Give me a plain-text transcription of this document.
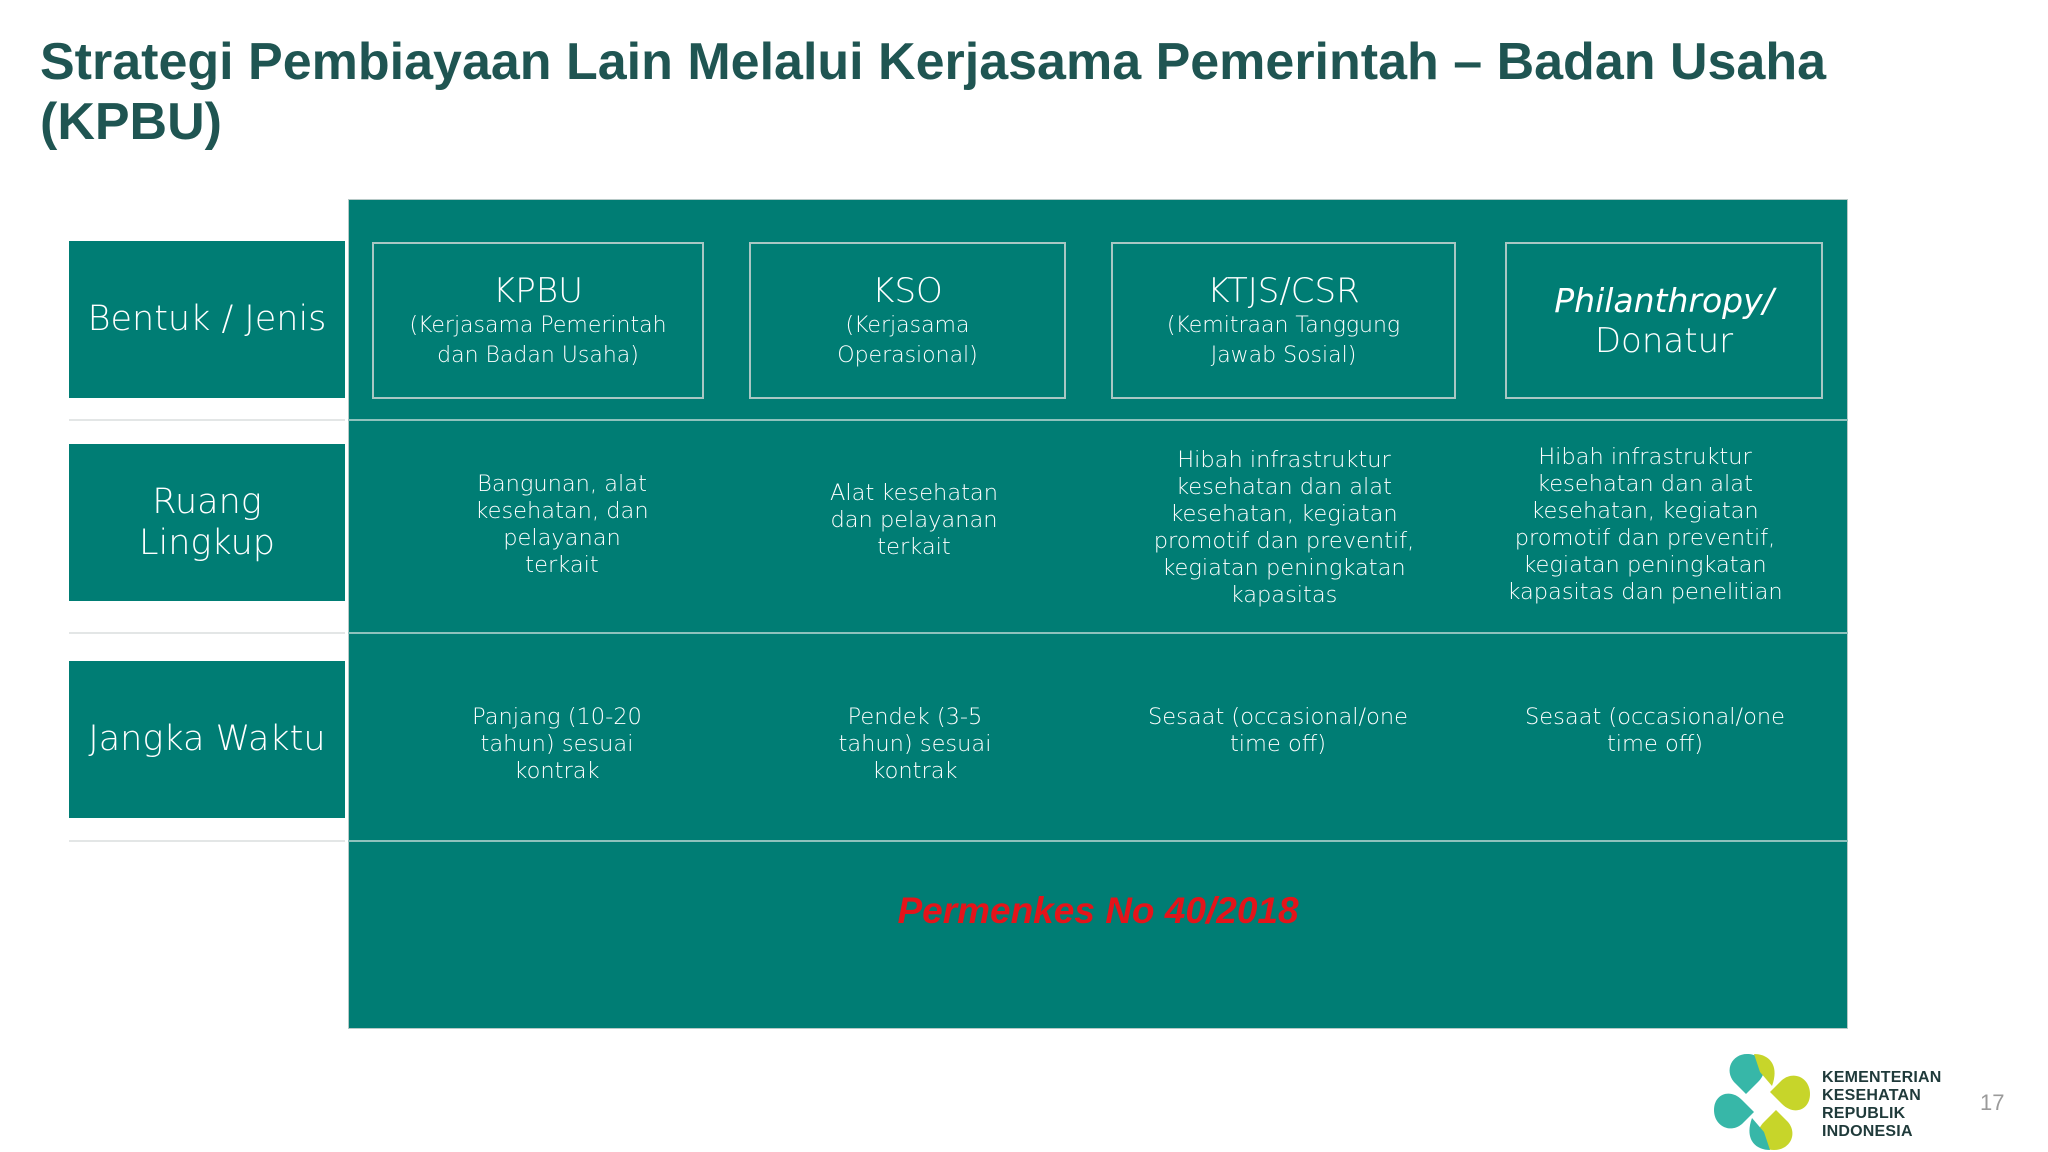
Strategi Pembiayaan Lain Melalui Kerjasama Pemerintah – Badan Usaha (KPBU)
Bentuk / Jenis
Ruang
Lingkup
Jangka Waktu
KPBU
(Kerjasama Pemerintah
dan Badan Usaha)
KSO
(Kerjasama
Operasional)
KTJS/CSR
(Kemitraan Tanggung
Jawab Sosial)
Philanthropy/
Donatur
Bangunan, alat
kesehatan, dan
pelayanan
terkait
Alat kesehatan
dan pelayanan
terkait
Hibah infrastruktur
kesehatan dan alat
kesehatan, kegiatan
promotif dan preventif,
kegiatan peningkatan
kapasitas
Hibah infrastruktur
kesehatan dan alat
kesehatan, kegiatan
promotif dan preventif,
kegiatan peningkatan
kapasitas dan penelitian
Panjang (10-20
tahun) sesuai
kontrak
Pendek (3-5
tahun) sesuai
kontrak
Sesaat (occasional/one
time off)
Sesaat (occasional/one
time off)
Permenkes No 40/2018
KEMENTERIAN
KESEHATAN
REPUBLIK
INDONESIA
17
